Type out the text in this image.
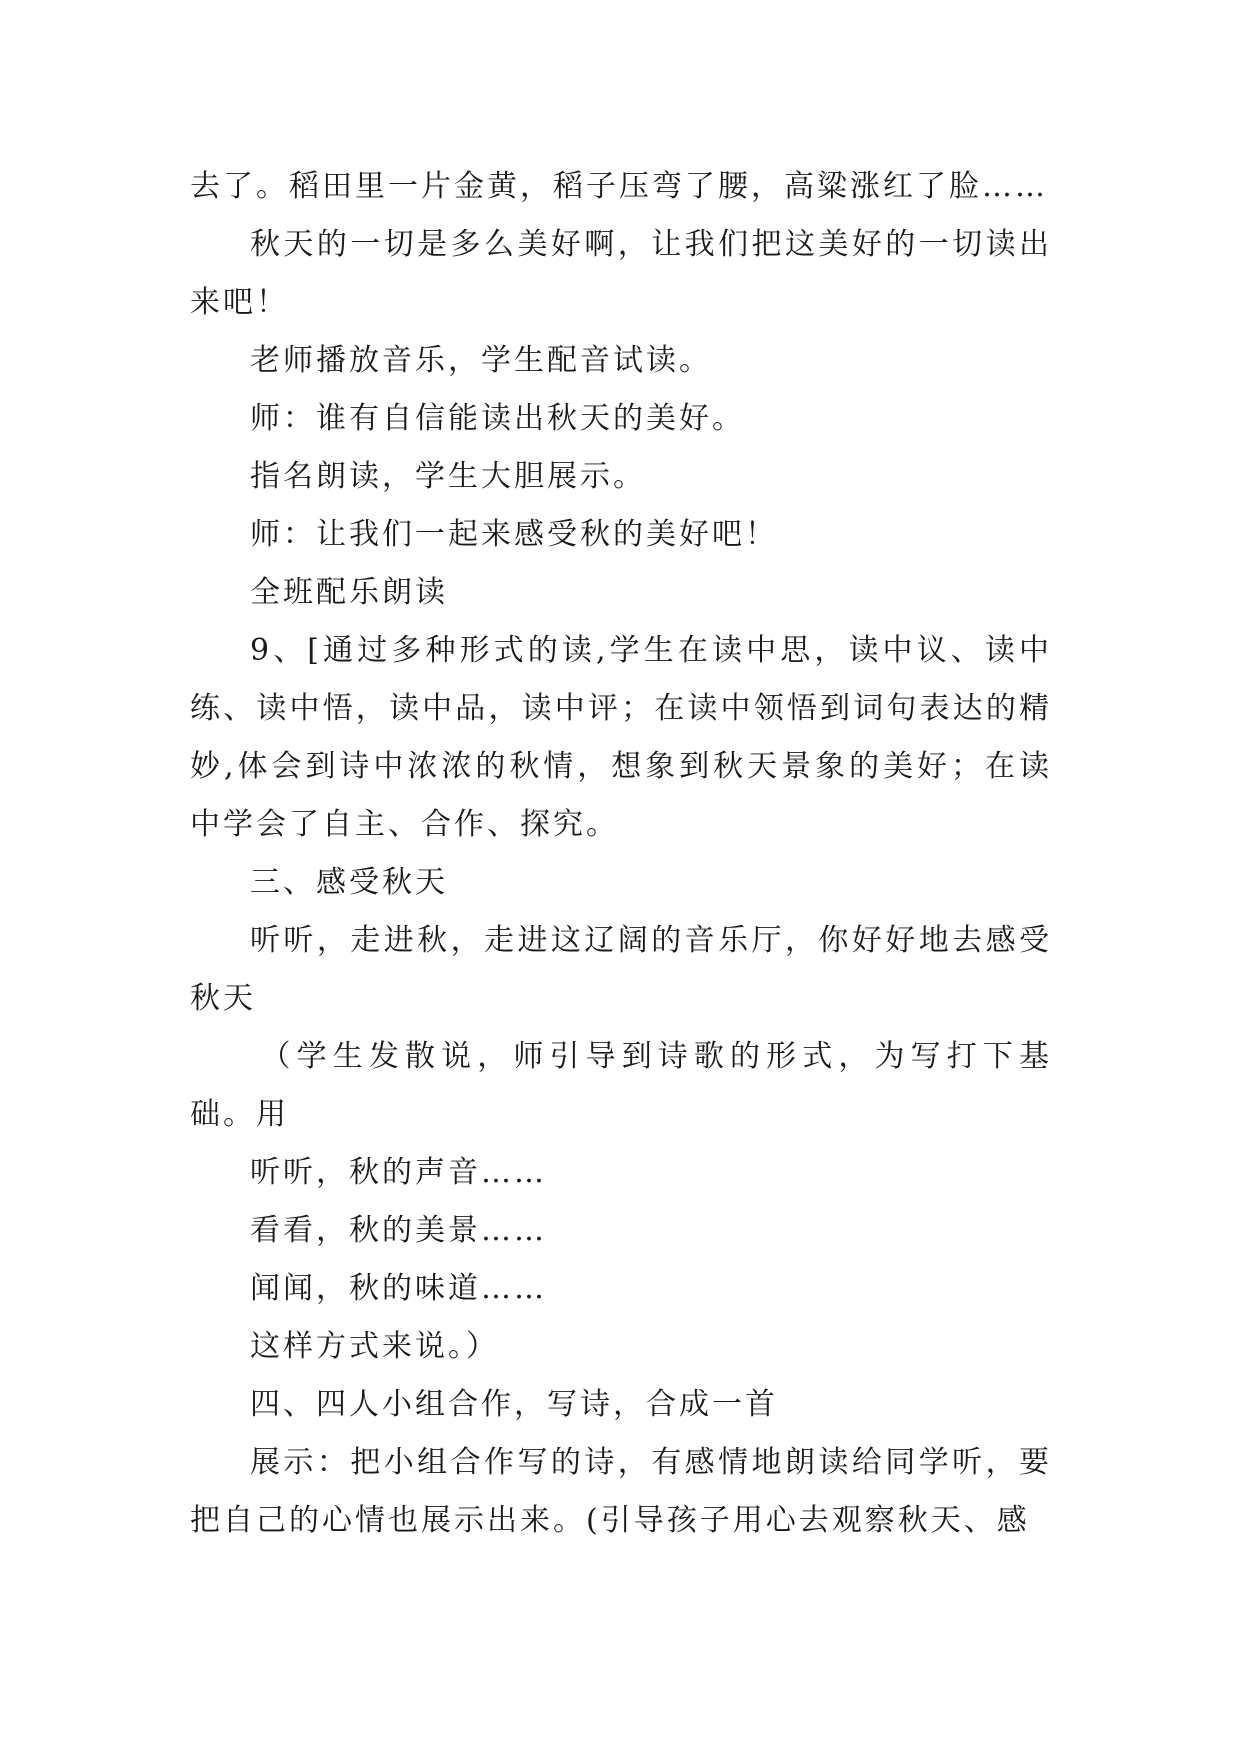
去了。稻田里一片金黄，稻子压弯了腰，高粱涨红了脸……

秋天的一切是多么美好啊，让我们把这美好的一切读出来吧！

老师播放音乐，学生配音试读。

师：谁有自信能读出秋天的美好。

指名朗读，学生大胆展示。

师：让我们一起来感受秋的美好吧！

全班配乐朗读

9、[通过多种形式的读,学生在读中思，读中议、读中练、读中悟，读中品，读中评；在读中领悟到词句表达的精妙,体会到诗中浓浓的秋情，想象到秋天景象的美好；在读中学会了自主、合作、探究。

三、感受秋天

听听，走进秋，走进这辽阔的音乐厅，你好好地去感受秋天

（学生发散说，师引导到诗歌的形式，为写打下基础。用

听听，秋的声音……

看看，秋的美景……

闻闻，秋的味道……

这样方式来说。）

四、四人小组合作，写诗，合成一首

展示：把小组合作写的诗，有感情地朗读给同学听，要把自己的心情也展示出来。(引导孩子用心去观察秋天、感
